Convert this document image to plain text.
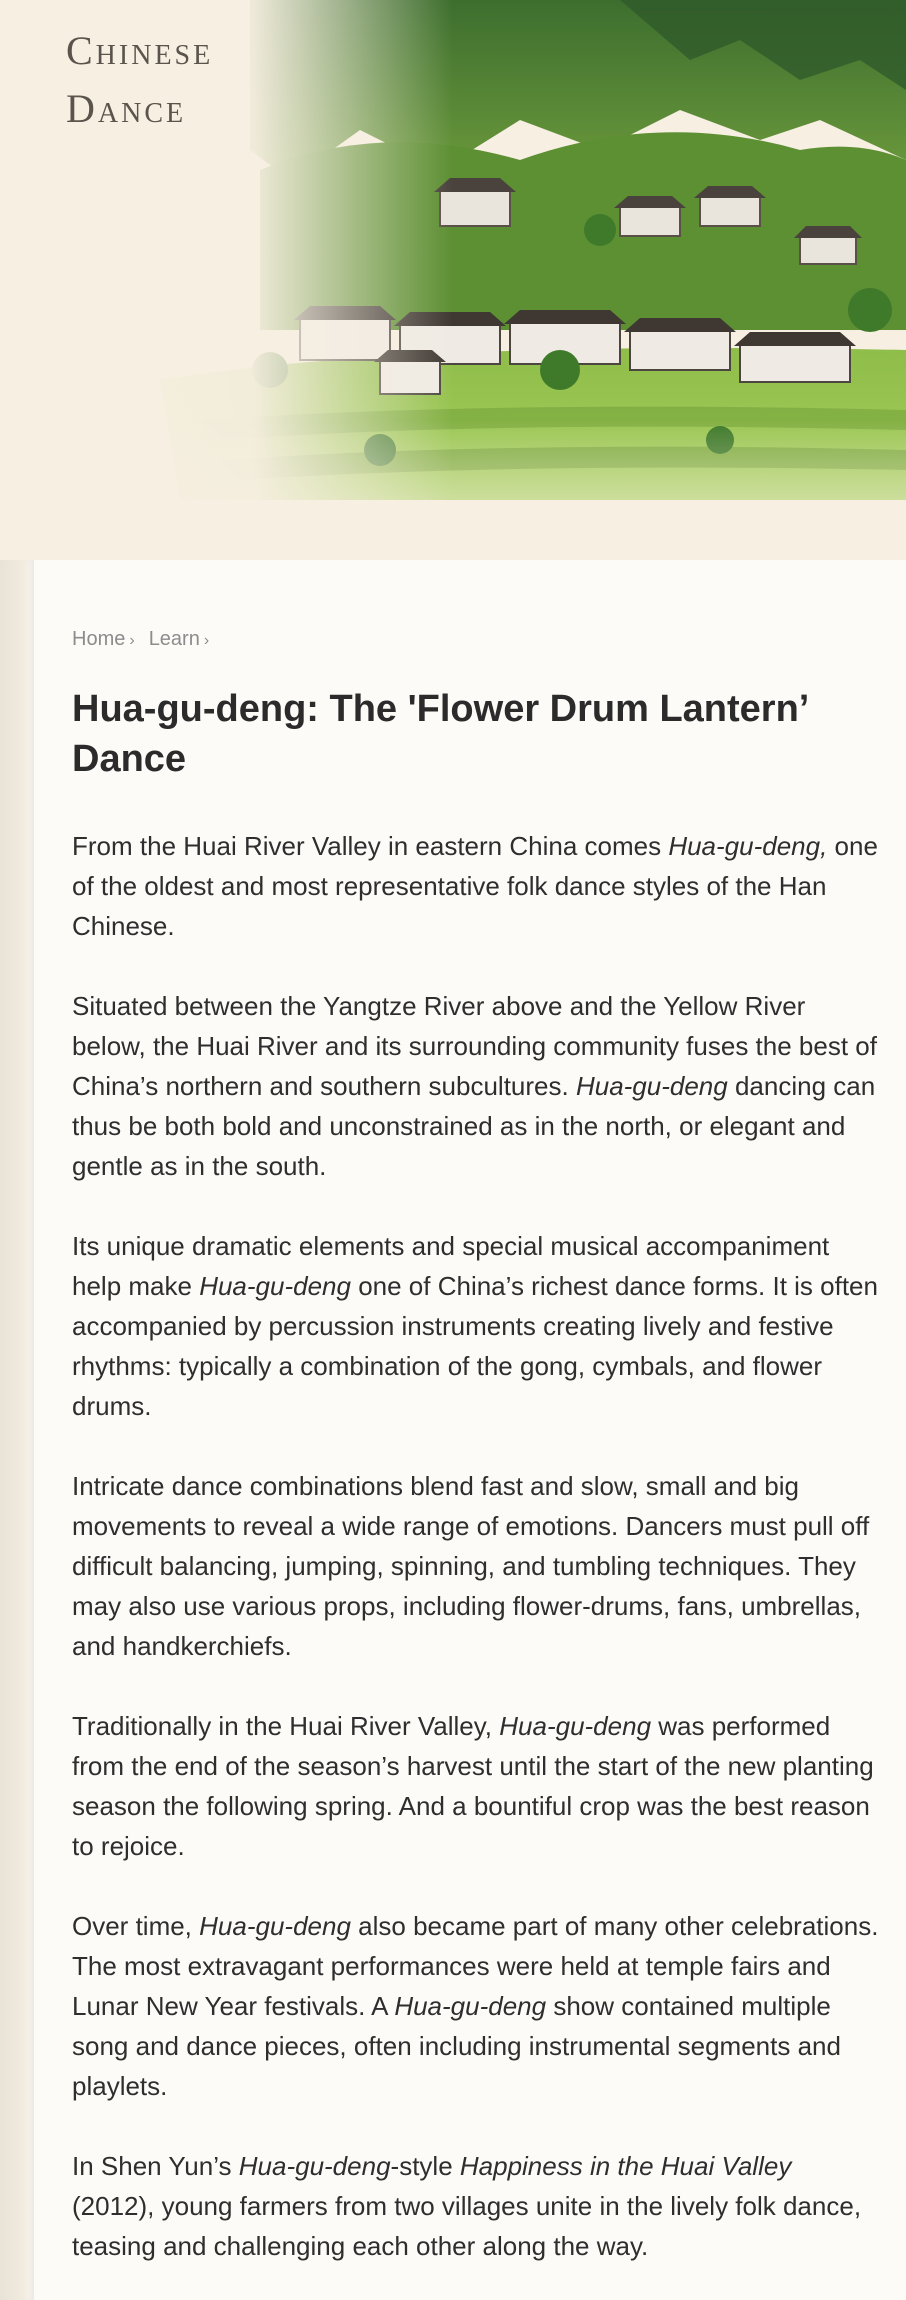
Chinese
Dance
Home › Learn ›
Hua-gu-deng: The 'Flower Drum Lantern’ Dance

From the Huai River Valley in eastern China comes Hua-gu-deng, one of the oldest and most representative folk dance styles of the Han Chinese.

Situated between the Yangtze River above and the Yellow River below, the Huai River and its surrounding community fuses the best of China’s northern and southern subcultures. Hua-gu-deng dancing can thus be both bold and unconstrained as in the north, or elegant and gentle as in the south.

Its unique dramatic elements and special musical accompaniment help make Hua-gu-deng one of China’s richest dance forms. It is often accompanied by percussion instruments creating lively and festive rhythms: typically a combination of the gong, cymbals, and flower drums.

Intricate dance combinations blend fast and slow, small and big movements to reveal a wide range of emotions. Dancers must pull off difficult balancing, jumping, spinning, and tumbling techniques. They may also use various props, including flower-drums, fans, umbrellas, and handkerchiefs.

Traditionally in the Huai River Valley, Hua-gu-deng was performed from the end of the season’s harvest until the start of the new planting season the following spring. And a bountiful crop was the best reason to rejoice.

Over time, Hua-gu-deng also became part of many other celebrations. The most extravagant performances were held at temple fairs and Lunar New Year festivals. A Hua-gu-deng show contained multiple song and dance pieces, often including instrumental segments and playlets.

In Shen Yun’s Hua-gu-deng-style Happiness in the Huai Valley (2012), young farmers from two villages unite in the lively folk dance, teasing and challenging each other along the way.
